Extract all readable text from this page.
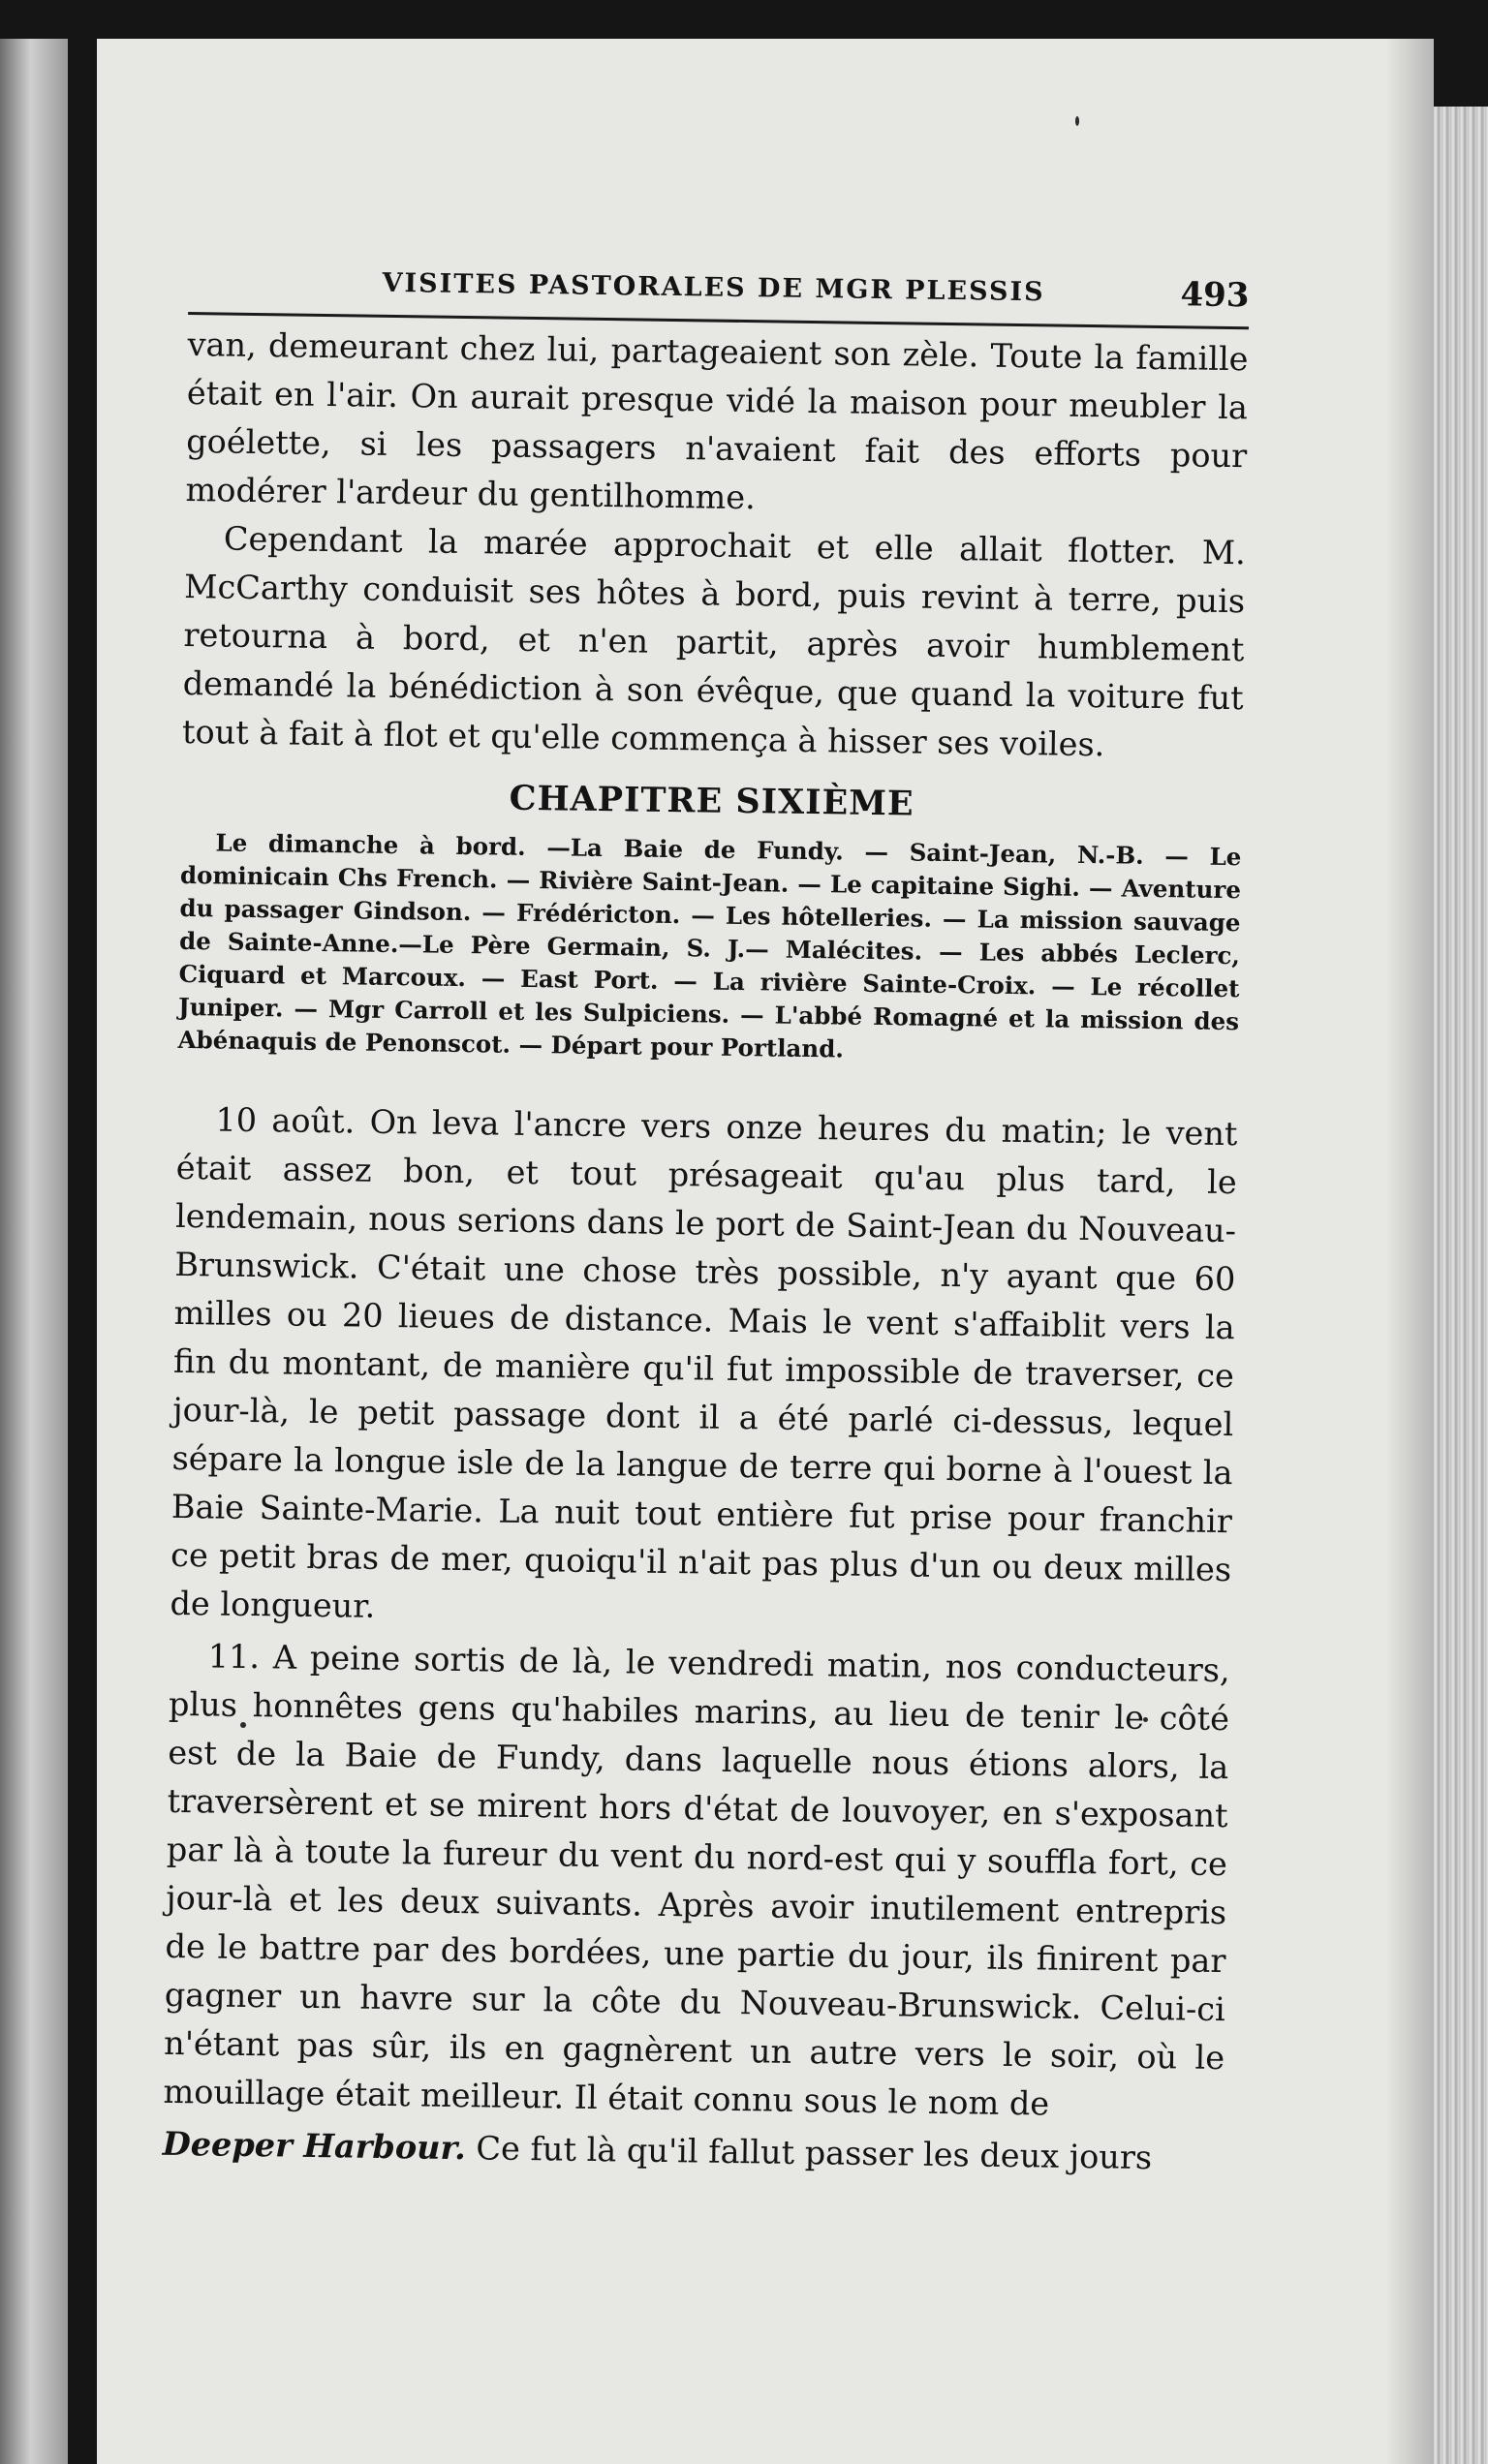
VISITES PASTORALES DE MGR PLESSIS	493

van, demeurant chez lui, partageaient son zèle. Toute la famille était en l'air. On aurait presque vidé la maison pour meubler la goélette, si les passagers n'avaient fait des efforts pour modérer l'ardeur du gentilhomme.

Cependant la marée approchait et elle allait flotter. M. McCarthy conduisit ses hôtes à bord, puis revint à terre, puis retourna à bord, et n'en partit, après avoir humblement demandé la bénédiction à son évêque, que quand la voiture fut tout à fait à flot et qu'elle commença à hisser ses voiles.

CHAPITRE SIXIÈME

Le dimanche à bord. —La Baie de Fundy. — Saint-Jean, N.-B. — Le dominicain Chs French. — Rivière Saint-Jean. — Le capitaine Sighi. — Aventure du passager Gindson. — Frédéricton. — Les hôtelleries. — La mission sauvage de Sainte-Anne.—Le Père Germain, S. J.— Malécites. — Les abbés Leclerc, Ciquard et Marcoux. — East Port. — La rivière Sainte-Croix. — Le récollet Juniper. — Mgr Carroll et les Sulpiciens. — L'abbé Romagné et la mission des Abénaquis de Penonscot. — Départ pour Portland.

10 août. On leva l'ancre vers onze heures du matin; le vent était assez bon, et tout présageait qu'au plus tard, le lendemain, nous serions dans le port de Saint-Jean du Nouveau-Brunswick. C'était une chose très possible, n'y ayant que 60 milles ou 20 lieues de distance. Mais le vent s'affaiblit vers la fin du montant, de manière qu'il fut impossible de traverser, ce jour-là, le petit passage dont il a été parlé ci-dessus, lequel sépare la longue isle de la langue de terre qui borne à l'ouest la Baie Sainte-Marie. La nuit tout entière fut prise pour franchir ce petit bras de mer, quoiqu'il n'ait pas plus d'un ou deux milles de longueur.

11. A peine sortis de là, le vendredi matin, nos conducteurs, plus honnêtes gens qu'habiles marins, au lieu de tenir le côté est de la Baie de Fundy, dans laquelle nous étions alors, la traversèrent et se mirent hors d'état de louvoyer, en s'exposant par là à toute la fureur du vent du nord-est qui y souffla fort, ce jour-là et les deux suivants. Après avoir inutilement entrepris de le battre par des bordées, une partie du jour, ils finirent par gagner un havre sur la côte du Nouveau-Brunswick. Celui-ci n'étant pas sûr, ils en gagnèrent un autre vers le soir, où le mouillage était meilleur. Il était connu sous le nom de

Deeper Harbour. Ce fut là qu'il fallut passer les deux jours
